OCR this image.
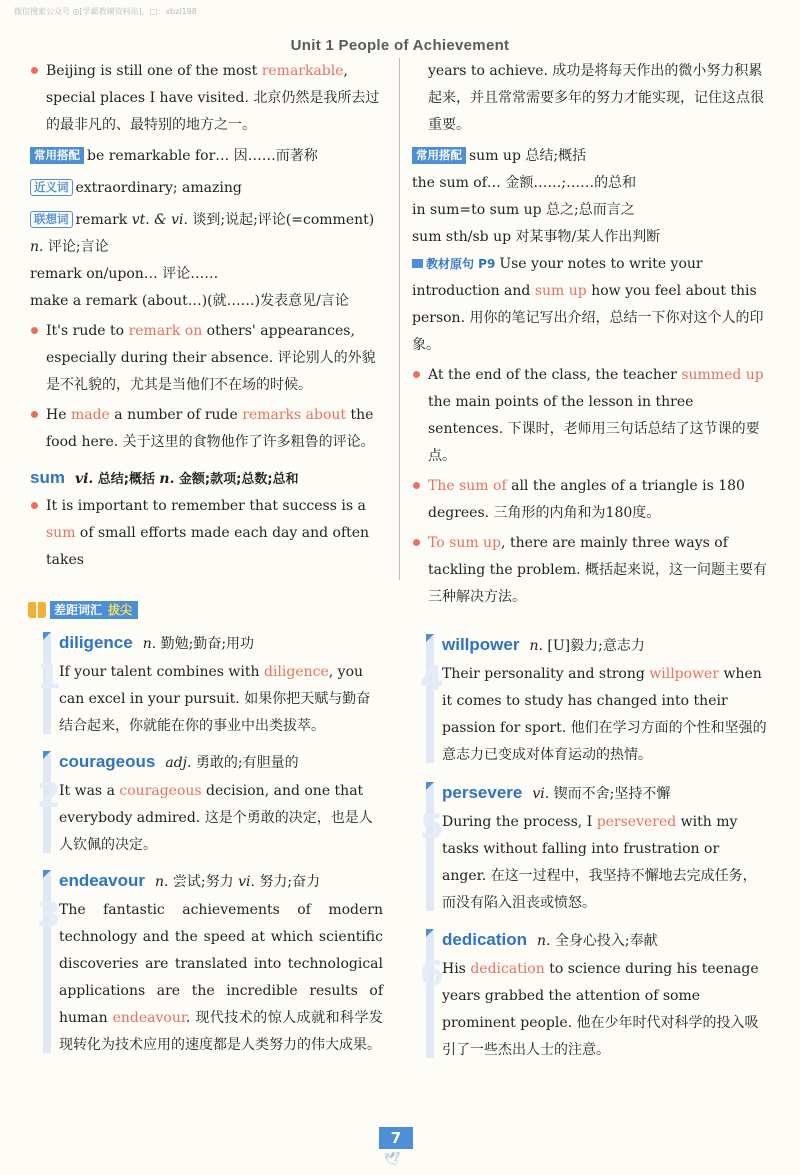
微信搜索公众号 ◎[学霸教辅资料站]，□：xbzl198
Unit 1 People of Achievement

Beijing is still one of the most remarkable, special places I have visited. 北京仍然是我所去过的最非凡的、最特别的地方之一。

常用搭配 be remarkable for… 因……而著称

近义词 extraordinary; amazing

联想词 remark vt. & vi. 谈到;说起;评论(=comment)

n. 评论;言论

remark on/upon… 评论……

make a remark (about…)(就……)发表意见/言论

It's rude to remark on others' appearances, especially during their absence. 评论别人的外貌是不礼貌的，尤其是当他们不在场的时候。

He made a number of rude remarks about the food here. 关于这里的食物他作了许多粗鲁的评论。

sum vi. 总结;概括 n. 金额;款项;总数;总和

It is important to remember that success is a sum of small efforts made each day and often takes

years to achieve. 成功是将每天作出的微小努力积累起来，并且常常需要多年的努力才能实现，记住这点很重要。

常用搭配 sum up 总结;概括

the sum of… 金额……;……的总和

in sum=to sum up 总之;总而言之

sum sth/sb up 对某事物/某人作出判断

教材原句 P9 Use your notes to write your introduction and sum up how you feel about this person. 用你的笔记写出介绍，总结一下你对这个人的印象。

At the end of the class, the teacher summed up the main points of the lesson in three sentences. 下课时，老师用三句话总结了这节课的要点。

The sum of all the angles of a triangle is 180 degrees. 三角形的内角和为180度。

To sum up, there are mainly three ways of tackling the problem. 概括起来说，这一问题主要有三种解决方法。

差距词汇 拔尖
1
diligence n. 勤勉;勤奋;用功
If your talent combines with diligence, you can excel in your pursuit. 如果你把天赋与勤奋结合起来，你就能在你的事业中出类拔萃。
2
courageous adj. 勇敢的;有胆量的
It was a courageous decision, and one that everybody admired. 这是个勇敢的决定，也是人人钦佩的决定。
3
endeavour n. 尝试;努力 vi. 努力;奋力
The fantastic achievements of modern technology and the speed at which scientific discoveries are translated into technological applications are the incredible results of human endeavour. 现代技术的惊人成就和科学发现转化为技术应用的速度都是人类努力的伟大成果。
4
willpower n. [U]毅力;意志力
Their personality and strong willpower when it comes to study has changed into their passion for sport. 他们在学习方面的个性和坚强的意志力已变成对体育运动的热情。
5
persevere vi. 锲而不舍;坚持不懈
During the process, I persevered with my tasks without falling into frustration or anger. 在这一过程中，我坚持不懈地去完成任务，而没有陷入沮丧或愤怒。
6
dedication n. 全身心投入;奉献
His dedication to science during his teenage years grabbed the attention of some prominent people. 他在少年时代对科学的投入吸引了一些杰出人士的注意。
7
🕊
